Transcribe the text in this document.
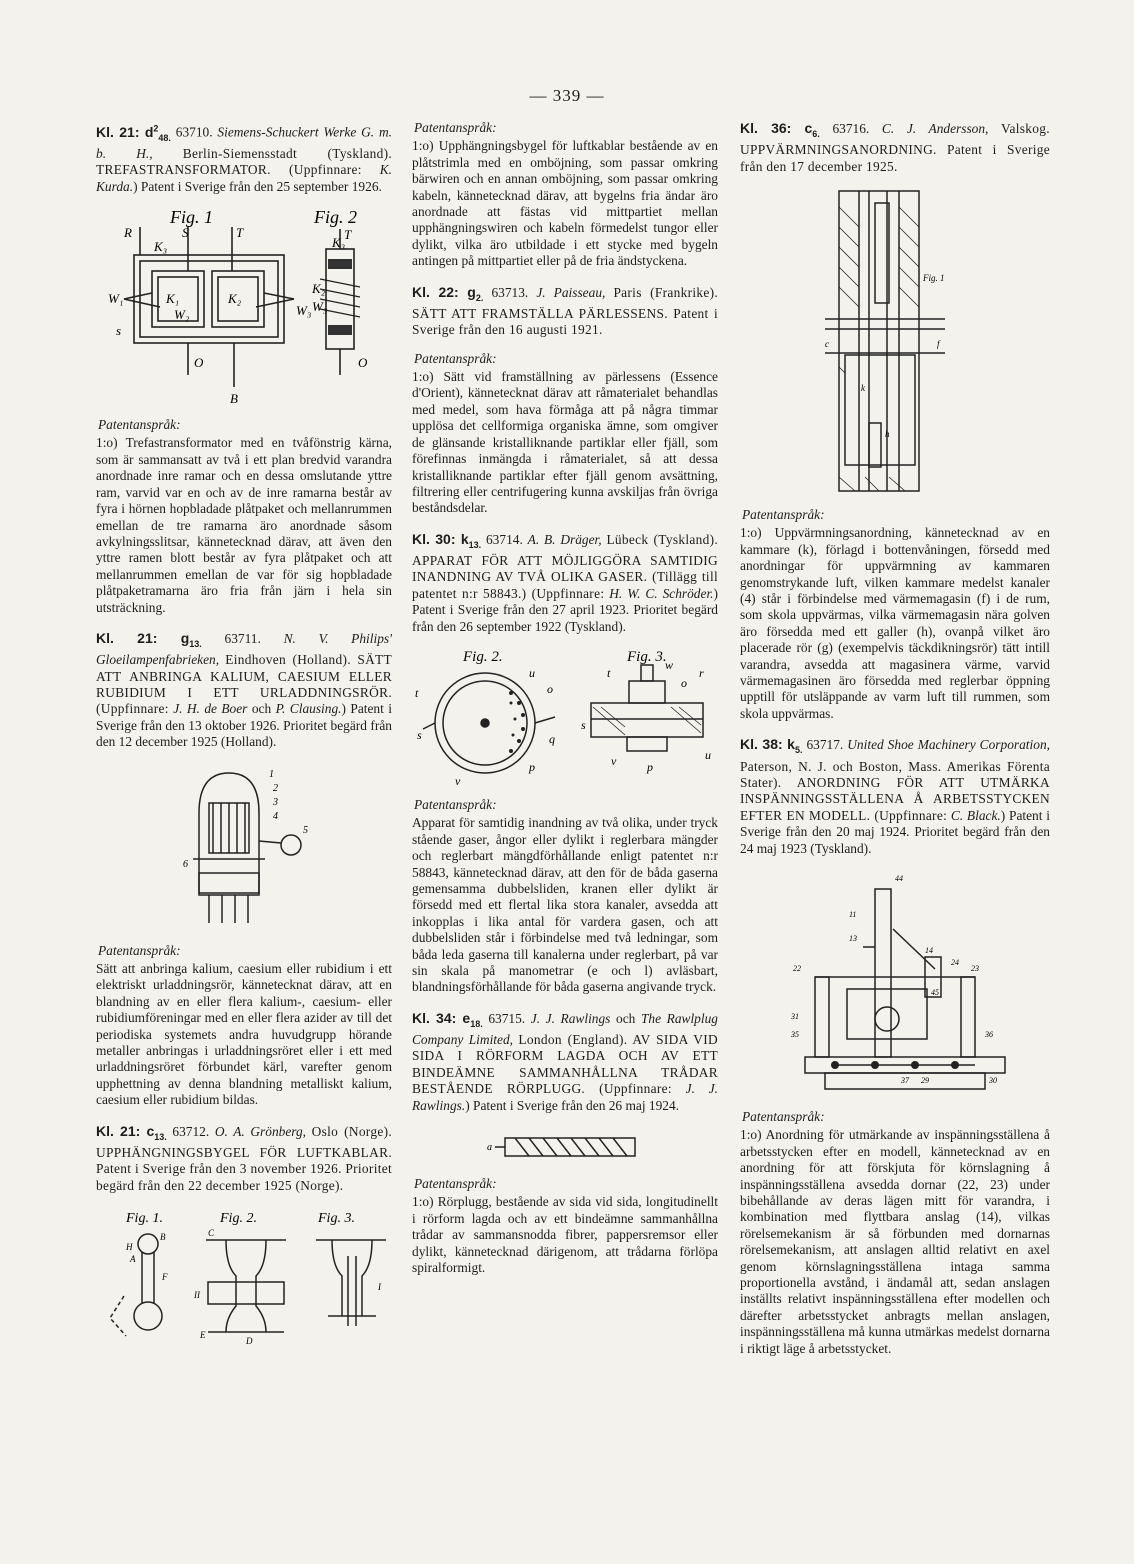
— 339 —
Kl. 21: $d^2_{48.}$ 63710. Siemens-Schuckert Werke G. m. b. H., Berlin-Siemensstadt (Tyskland). TREFASTRANSFORMATOR. (Uppfinnare: K. Kurda.) Patent i Sverige från den 25 september 1926.
Fig. 1	Fig. 2
R	S	T	T
K₃	K₃
K₁	K₂
K₂
W₁
W₂	W₃ W₃
s
O	O
B
Patentanspråk:
1:o) Trefastransformator med en tvåfönstrig kärna, som är sammansatt av två i ett plan bredvid varandra anordnade inre ramar och en dessa omslutande yttre ram, varvid var en och av de inre ramarna består av fyra i hörnen hopbladade plåtpaket och mellanrummen emellan de tre ramarna äro anordnade såsom avkylningsslitsar, kännetecknad därav, att även den yttre ramen blott består av fyra plåtpaket och att mellanrummen emellan de var för sig hopbladade plåtpaketramarna äro fria från järn i hela sin utsträckning.
Kl. 21: $g_{13.}$ 63711. N. V. Philips' Gloeilampenfabrieken, Eindhoven (Holland). SÄTT ATT ANBRINGA KALIUM, CAESIUM ELLER RUBIDIUM I ETT URLADDNINGSRÖR. (Uppfinnare: J. H. de Boer och P. Clausing.) Patent i Sverige från den 13 oktober 1926. Prioritet begärd från den 12 december 1925 (Holland).
1
2
3
4
5
6
Patentanspråk:
Sätt att anbringa kalium, caesium eller rubidium i ett elektriskt urladdningsrör, kännetecknat därav, att en blandning av en eller flera kalium-, caesium- eller rubidiumföreningar med en eller flera azider av till det periodiska systemets andra huvudgrupp hörande metaller anbringas i urladdningsröret eller i ett med urladdningsröret förbundet kärl, varefter genom upphettning av denna blandning metalliskt kalium, caesium eller rubidium bildas.
Kl. 21: $c_{13.}$ 63712. O. A. Grönberg, Oslo (Norge). UPPHÄNGNINGSBYGEL FÖR LUFTKABLAR. Patent i Sverige från den 3 november 1926. Prioritet begärd från den 22 december 1925 (Norge).
Fig. 1.	Fig. 2.	Fig. 3.
B
H
A
F
C
II
E
D
I
Patentanspråk:
1:o) Upphängningsbygel för luftkablar bestående av en plåtstrimla med en omböjning, som passar omkring bärwiren och en annan omböjning, som passar omkring kabeln, kännetecknad därav, att bygelns fria ändar äro anordnade att fästas vid mittpartiet mellan upphängningswiren och kabeln förmedelst tungor eller dylikt, vilka äro utbildade i ett stycke med bygeln antingen på mittpartiet eller på de fria ändstyckena.
Kl. 22: $g_{2.}$ 63713. J. Paisseau, Paris (Frankrike). SÄTT ATT FRAMSTÄLLA PÄRLESSENS. Patent i Sverige från den 16 augusti 1921.
Patentanspråk:
1:o) Sätt vid framställning av pärlessens (Essence d'Orient), kännetecknat därav att råmaterialet behandlas med medel, som hava förmåga att på några timmar upplösa det cellformiga organiska ämne, som omgiver de glänsande kristalliknande partiklar eller fjäll, som förefinnas inmängda i råmaterialet, så att dessa kristalliknande partiklar efter fjäll genom avsättning, filtrering eller centrifugering kunna avskiljas från övriga beståndsdelar.
Kl. 30: $k_{13.}$ 63714. A. B. Dräger, Lübeck (Tyskland). APPARAT FÖR ATT MÖJLIGGÖRA SAMTIDIG INANDNING AV TVÅ OLIKA GASER. (Tillägg till patentet n:r 58843.) (Uppfinnare: H. W. C. Schröder.) Patent i Sverige från den 27 april 1923. Prioritet begärd från den 26 september 1922 (Tyskland).
Fig. 2.	Fig. 3.
t
u
o
s	q
v
p
t
w
o
r
s
v	p
u
Patentanspråk:
Apparat för samtidig inandning av två olika, under tryck stående gaser, ångor eller dylikt i reglerbara mängder och reglerbart mängdförhållande enligt patentet n:r 58843, kännetecknad därav, att den för de båda gaserna gemensamma dubbelsliden, kranen eller dylikt är försedd med ett flertal lika stora kanaler, avsedda att inkopplas i lika antal för vardera gasen, och att dubbelsliden står i förbindelse med två ledningar, som båda leda gaserna till kanalerna under reglerbart, på var sin skala på manometrar (e och l) avläsbart, blandningsförhållande för båda gaserna angivande tryck.
Kl. 34: $e_{18.}$ 63715. J. J. Rawlings och The Rawlplug Company Limited, London (England). AV SIDA VID SIDA I RÖRFORM LAGDA OCH AV ETT BINDEÄMNE SAMMANHÅLLNA TRÅDAR BESTÅENDE RÖRPLUGG. (Uppfinnare: J. J. Rawlings.) Patent i Sverige från den 26 maj 1924.
a
Patentanspråk:
1:o) Rörplugg, bestående av sida vid sida, longitudinellt i rörform lagda och av ett bindeämne sammanhållna trådar av sammansnodda fibrer, pappersremsor eller dylikt, kännetecknad därigenom, att trådarna förlöpa spiralformigt.
Kl. 36: $c_{6.}$ 63716. C. J. Andersson, Valskog. UPPVÄRMNINGSANORDNING. Patent i Sverige från den 17 december 1925.
Fig. 1
c	f
k
h
Patentanspråk:
1:o) Uppvärmningsanordning, kännetecknad av en kammare (k), förlagd i bottenvåningen, försedd med anordningar för uppvärmning av kammaren genomstrykande luft, vilken kammare medelst kanaler (4) står i förbindelse med värmemagasin (f) i de rum, som skola uppvärmas, vilka värmemagasin nära golven äro försedda med ett galler (h), ovanpå vilket äro placerade rör (g) (exempelvis täckdikningsrör) tätt intill varandra, avsedda att magasinera värme, varvid värmemagasinen äro försedda med reglerbar öppning upptill för utsläppande av varm luft till rummen, som skola uppvärmas.
Kl. 38: $k_{5.}$ 63717. United Shoe Machinery Corporation, Paterson, N. J. och Boston, Mass. Amerikas Förenta Stater). ANORDNING FÖR ATT UTMÄRKA INSPÄNNINGSSTÄLLENA Å ARBETSSTYCKEN EFTER EN MODELL. (Uppfinnare: C. Black.) Patent i Sverige från den 20 maj 1924. Prioritet begärd från den 24 maj 1923 (Tyskland).
44
11
13
22	23
24
14
45
31
35	36
37 29	30
Patentanspråk:
1:o) Anordning för utmärkande av inspänningsställena å arbetsstycken efter en modell, kännetecknad av en anordning för att förskjuta för körnslagning å inspänningsställena avsedda dornar (22, 23) under bibehållande av deras lägen mitt för varandra, i kombination med flyttbara anslag (14), vilkas rörelsemekanism är så förbunden med dornarnas rörelsemekanism, att anslagen alltid relativt en axel genom körnslagningsställena intaga samma proportionella avstånd, i ändamål att, sedan anslagen inställts relativt inspänningsställena efter modellen och därefter arbetsstycket anbragts mellan anslagen, inspänningsställena må kunna utmärkas medelst dornarna i riktigt läge å arbetsstycket.
